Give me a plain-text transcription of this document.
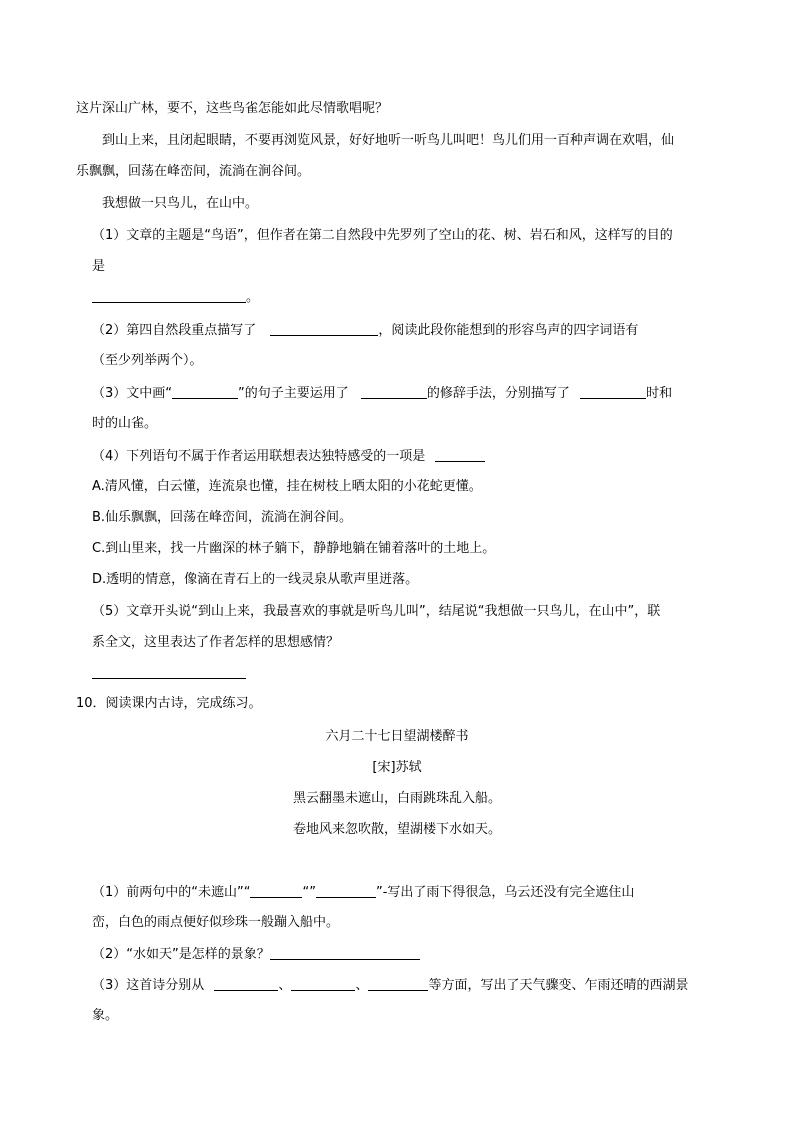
这片深山广林，要不，这些鸟雀怎能如此尽情歌唱呢？
到山上来，且闭起眼睛，不要再浏览风景，好好地听一听鸟儿叫吧！鸟儿们用一百种声调在欢唱，仙
乐飘飘，回荡在峰峦间，流淌在涧谷间。
我想做一只鸟儿，在山中。
（1）文章的主题是“鸟语”，但作者在第二自然段中先罗列了空山的花、树、岩石和风，这样写的目的
是
。
（2）第四自然段重点描写了	，阅读此段你能想到的形容鸟声的四字词语有
（至少列举两个）。
（3）文中画“	”的句子主要运用了	的修辞手法，分别描写了	时和
时的山雀。
（4）下列语句不属于作者运用联想表达独特感受的一项是
A.清风懂，白云懂，连流泉也懂，挂在树枝上晒太阳的小花蛇更懂。
B.仙乐飘飘，回荡在峰峦间，流淌在涧谷间。
C.到山里来，找一片幽深的林子躺下，静静地躺在铺着落叶的土地上。
D.透明的情意，像滴在青石上的一线灵泉从歌声里迸落。
（5）文章开头说“到山上来，我最喜欢的事就是听鸟儿叫”，结尾说“我想做一只鸟儿，在山中”，联
系全文，这里表达了作者怎样的思想感情？
10．阅读课内古诗，完成练习。
六月二十七日望湖楼醉书
[宋]苏轼
黑云翻墨未遮山，白雨跳珠乱入船。
卷地风来忽吹散，望湖楼下水如天。
（1）前两句中的“未遮山”“	“”	”-写出了雨下得很急，乌云还没有完全遮住山
峦，白色的雨点便好似珍珠一般蹦入船中。
（2）“水如天”是怎样的景象？
（3）这首诗分别从	、	、	等方面，写出了天气骤变、乍雨还晴的西湖景
象。
